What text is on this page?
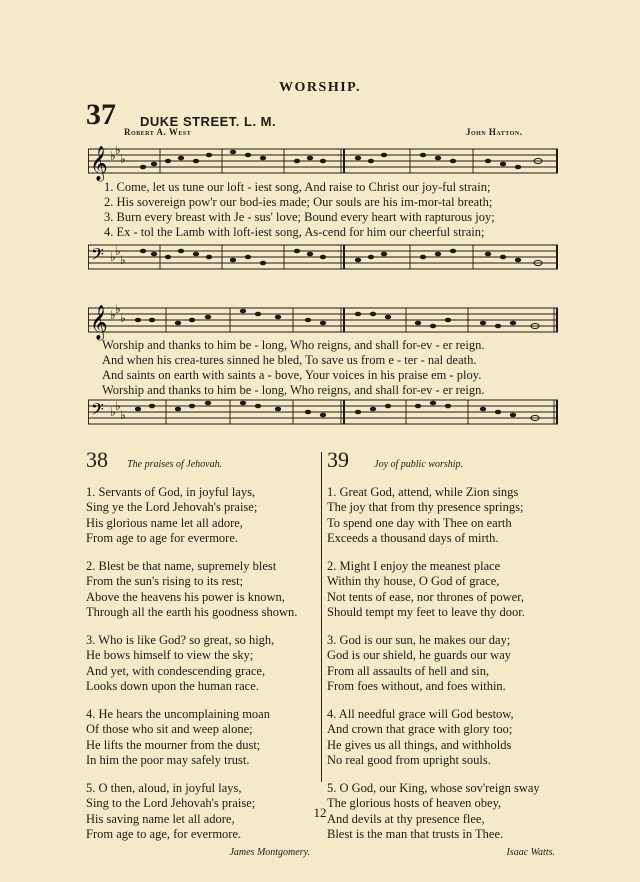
WORSHIP.
37 DUKE STREET. L. M.
Robert A. West	John Hatton.
𝄞 ♭ ♭
♭
1. Come, let us tune our loft - iest song, And raise to Christ our joy-ful strain;
2. His sovereign pow'r our bod-ies made; Our souls are his im-mor-tal breath;
3. Burn every breast with Je - sus' love; Bound every heart with rapturous joy;
4. Ex - tol the Lamb with loft-iest song, As-cend for him our cheerful strain;
𝄢 ♭ ♭
♭
𝄞 ♭ ♭
♭
Worship and thanks to him be - long, Who reigns, and shall for-ev - er reign.
And when his crea-tures sinned he bled, To save us from e - ter - nal death.
And saints on earth with saints a - bove, Your voices in his praise em - ploy.
Worship and thanks to him be - long, Who reigns, and shall for-ev - er reign.
𝄢 ♭ ♭
♭
38 The praises of Jehovah.
1. Servants of God, in joyful lays,
Sing ye the Lord Jehovah's praise;
His glorious name let all adore,
From age to age for evermore.
2. Blest be that name, supremely blest
From the sun's rising to its rest;
Above the heavens his power is known,
Through all the earth his goodness shown.
3. Who is like God? so great, so high,
He bows himself to view the sky;
And yet, with condescending grace,
Looks down upon the human race.
4. He hears the uncomplaining moan
Of those who sit and weep alone;
He lifts the mourner from the dust;
In him the poor may safely trust.
5. O then, aloud, in joyful lays,
Sing to the Lord Jehovah's praise;
His saving name let all adore,
From age to age, for evermore.
James Montgomery.
39	Joy of public worship.
1. Great God, attend, while Zion sings
The joy that from thy presence springs;
To spend one day with Thee on earth
Exceeds a thousand days of mirth.
2. Might I enjoy the meanest place
Within thy house, O God of grace,
Not tents of ease, nor thrones of power,
Should tempt my feet to leave thy door.
3. God is our sun, he makes our day;
God is our shield, he guards our way
From all assaults of hell and sin,
From foes without, and foes within.
4. All needful grace will God bestow,
And crown that grace with glory too;
He gives us all things, and withholds
No real good from upright souls.
5. O God, our King, whose sov'reign sway
The glorious hosts of heaven obey,
And devils at thy presence flee,
Blest is the man that trusts in Thee.
Isaac Watts.
12
